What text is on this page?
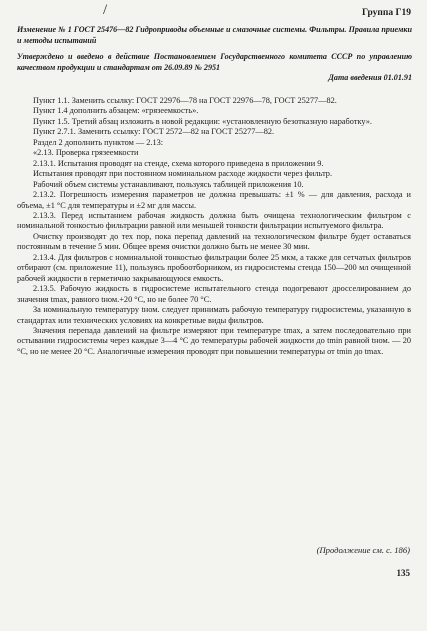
/	Группа Г19

Изменение № 1 ГОСТ 25476—82 Гидроприводы объемные и смазочные системы. Фильтры. Правила приемки и методы испытаний

Утверждено и введено в действие Постановлением Государственного комитета СССР по управлению качеством продукции и стандартам от 26.09.89 № 2951
Дата введения 01.01.91

Пункт 1.1. Заменить ссылку: ГОСТ 22976—78 на ГОСТ 22976—78, ГОСТ 25277—82.

Пункт 1.4 дополнить абзацем: «грязеемкость».

Пункт 1.5. Третий абзац изложить в новой редакции: «установленную безотказную наработку».

Пункт 2.7.1. Заменить ссылку: ГОСТ 2572—82 на ГОСТ 25277—82.

Раздел 2 дополнить пунктом — 2.13:

«2.13. Проверка грязеемкости

2.13.1. Испытания проводят на стенде, схема которого приведена в приложении 9.

Испытания проводят при постоянном номинальном расходе жидкости через фильтр.

Рабочий объем системы устанавливают, пользуясь таблицей приложения 10.

2.13.2. Погрешность измерения параметров не должна превышать: ±1 % — для давления, расхода и объема, ±1 °C для температуры и ±2 мг для массы.

2.13.3. Перед испытанием рабочая жидкость должна быть очищена технологическим фильтром с номинальной тонкостью фильтрации равной или меньшей тонкости фильтрации испытуемого фильтра.

Очистку производят до тех пор, пока перепад давлений на технологическом фильтре будет оставаться постоянным в течение 5 мин. Общее время очистки должно быть не менее 30 мин.

2.13.4. Для фильтров с номинальной тонкостью фильтрации более 25 мкм, а также для сетчатых фильтров отбирают (см. приложение 11), пользуясь пробоотборником, из гидросистемы стенда 150—200 мл очищенной рабочей жидкости в герметично закрывающуюся емкость.

2.13.5. Рабочую жидкость в гидросистеме испытательного стенда подогревают дросселированием до значения tmax, равного tном.+20 °C, но не более 70 °C.

За номинальную температуру tном. следует принимать рабочую температуру гидросистемы, указанную в стандартах или технических условиях на конкретные виды фильтров.

Значения перепада давлений на фильтре измеряют при температуре tmax, а затем последовательно при остывании гидросистемы через каждые 3—4 °C до температуры рабочей жидкости до tmin равной tном. — 20 °C, но не менее 20 °C. Аналогичные измерения проводят при повышении температуры от tmin до tmax.

(Продолжение см. с. 186)
135
